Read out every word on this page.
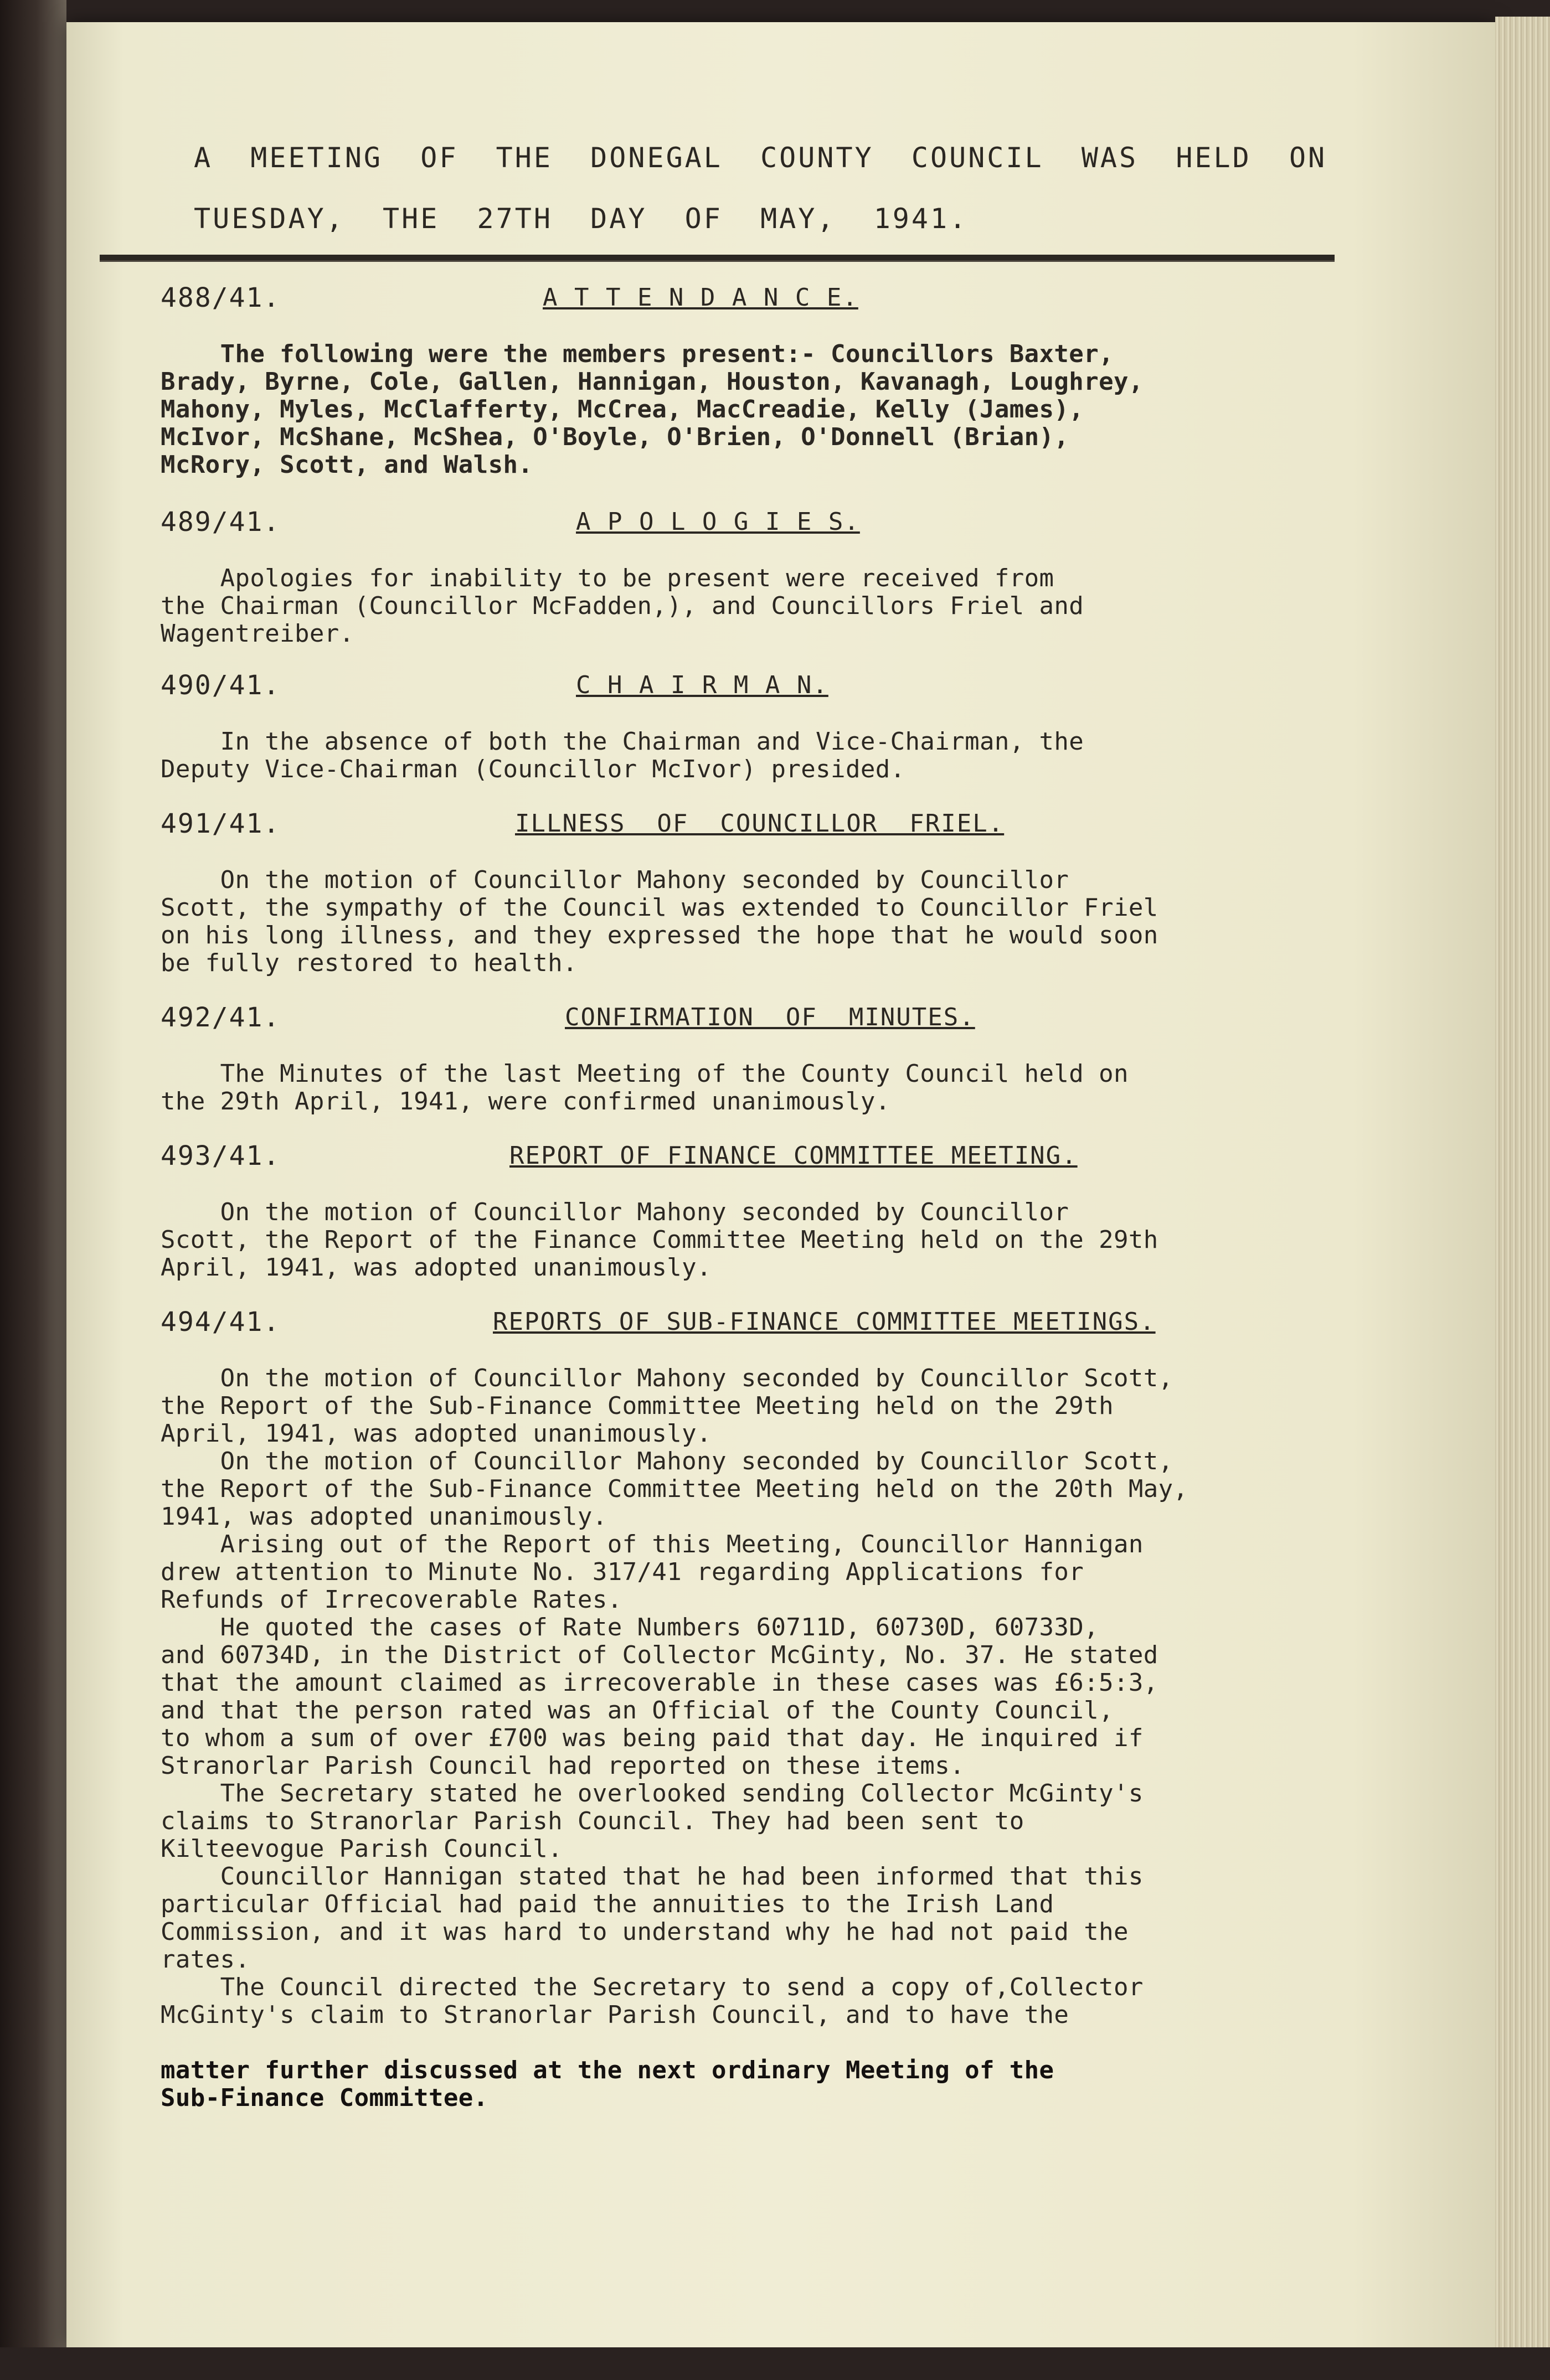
A  MEETING  OF  THE  DONEGAL  COUNTY  COUNCIL  WAS  HELD  ON
TUESDAY,  THE  27TH  DAY  OF  MAY,  1941.
488/41.	A T T E N D A N C E.
The following were the members present:- Councillors Baxter,
Brady, Byrne, Cole, Gallen, Hannigan, Houston, Kavanagh, Loughrey,
Mahony, Myles, McClafferty, McCrea, MacCreadie, Kelly (James),
McIvor, McShane, McShea, O'Boyle, O'Brien, O'Donnell (Brian),
McRory, Scott, and Walsh.
489/41.	A P O L O G I E S.
Apologies for inability to be present were received from
the Chairman (Councillor McFadden,), and Councillors Friel and
Wagentreiber.
490/41.	C H A I R M A N.
In the absence of both the Chairman and Vice-Chairman, the
Deputy Vice-Chairman (Councillor McIvor) presided.
491/41.	ILLNESS  OF  COUNCILLOR  FRIEL.
On the motion of Councillor Mahony seconded by Councillor
Scott, the sympathy of the Council was extended to Councillor Friel
on his long illness, and they expressed the hope that he would soon
be fully restored to health.
492/41.	CONFIRMATION  OF  MINUTES.
The Minutes of the last Meeting of the County Council held on
the 29th April, 1941, were confirmed unanimously.
493/41.	REPORT OF FINANCE COMMITTEE MEETING.
On the motion of Councillor Mahony seconded by Councillor
Scott, the Report of the Finance Committee Meeting held on the 29th
April, 1941, was adopted unanimously.
494/41.	REPORTS OF SUB-FINANCE COMMITTEE MEETINGS.
On the motion of Councillor Mahony seconded by Councillor Scott,
the Report of the Sub-Finance Committee Meeting held on the 29th
April, 1941, was adopted unanimously.
On the motion of Councillor Mahony seconded by Councillor Scott,
the Report of the Sub-Finance Committee Meeting held on the 20th May,
1941, was adopted unanimously.
Arising out of the Report of this Meeting, Councillor Hannigan
drew attention to Minute No. 317/41 regarding Applications for
Refunds of Irrecoverable Rates.
He quoted the cases of Rate Numbers 60711D, 60730D, 60733D,
and 60734D, in the District of Collector McGinty, No. 37. He stated
that the amount claimed as irrecoverable in these cases was £6:5:3,
and that the person rated was an Official of the County Council,
to whom a sum of over £700 was being paid that day. He inquired if
Stranorlar Parish Council had reported on these items.
The Secretary stated he overlooked sending Collector McGinty's
claims to Stranorlar Parish Council. They had been sent to
Kilteevogue Parish Council.
Councillor Hannigan stated that he had been informed that this
particular Official had paid the annuities to the Irish Land
Commission, and it was hard to understand why he had not paid the
rates.
The Council directed the Secretary to send a copy of,Collector
McGinty's claim to Stranorlar Parish Council, and to have the
matter further discussed at the next ordinary Meeting of the
Sub-Finance Committee.
